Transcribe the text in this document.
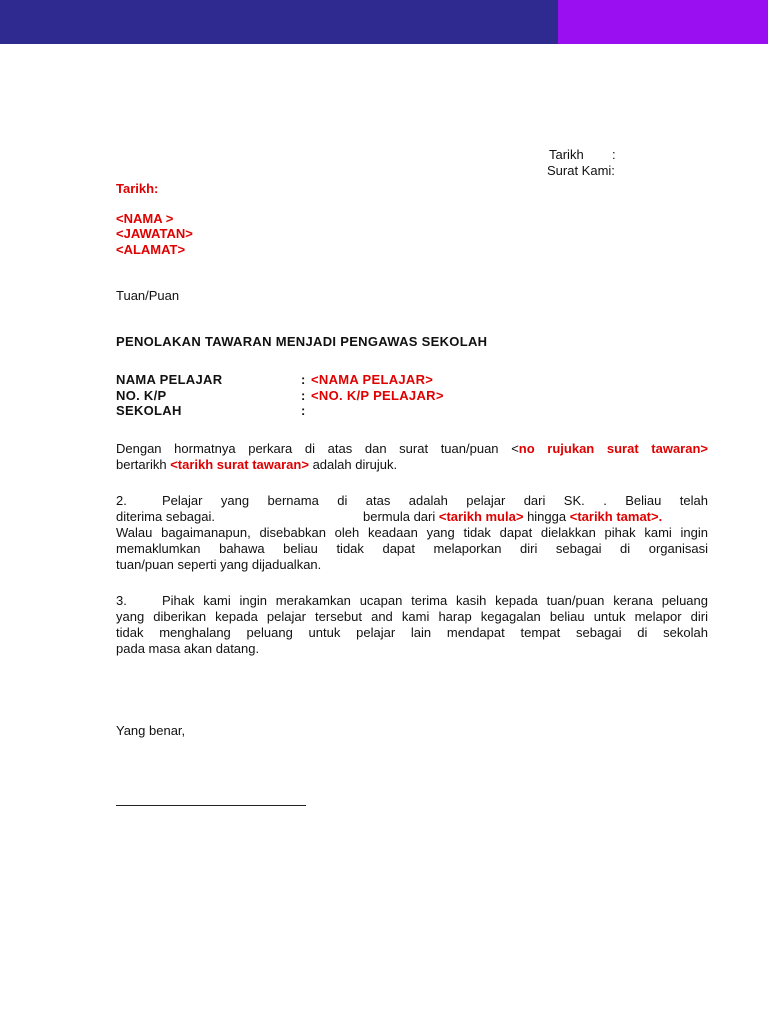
Tarikh :
Surat Kami:
Tarikh:
<NAMA >
<JAWATAN>
<ALAMAT>
Tuan/Puan
PENOLAKAN TAWARAN MENJADI PENGAWAS SEKOLAH
NAMA PELAJAR	: <NAMA PELAJAR>
NO. K/P	: <NO. K/P PELAJAR>
SEKOLAH	:
Dengan hormatnya perkara di atas dan surat tuan/puan <no rujukan surat tawaran>
bertarikh <tarikh surat tawaran> adalah dirujuk.
2.	Pelajar yang bernama di atas adalah pelajar dari SK. . Beliau telah
diterima sebagai.	bermula dari <tarikh mula> hingga <tarikh tamat>.
Walau bagaimanapun, disebabkan oleh keadaan yang tidak dapat dielakkan pihak kami ingin
memaklumkan bahawa beliau tidak dapat melaporkan diri sebagai di organisasi
tuan/puan seperti yang dijadualkan.
3.	Pihak kami ingin merakamkan ucapan terima kasih kepada tuan/puan kerana peluang
yang diberikan kepada pelajar tersebut and kami harap kegagalan beliau untuk melapor diri
tidak menghalang peluang untuk pelajar lain mendapat tempat sebagai di sekolah
pada masa akan datang.
Yang benar,
